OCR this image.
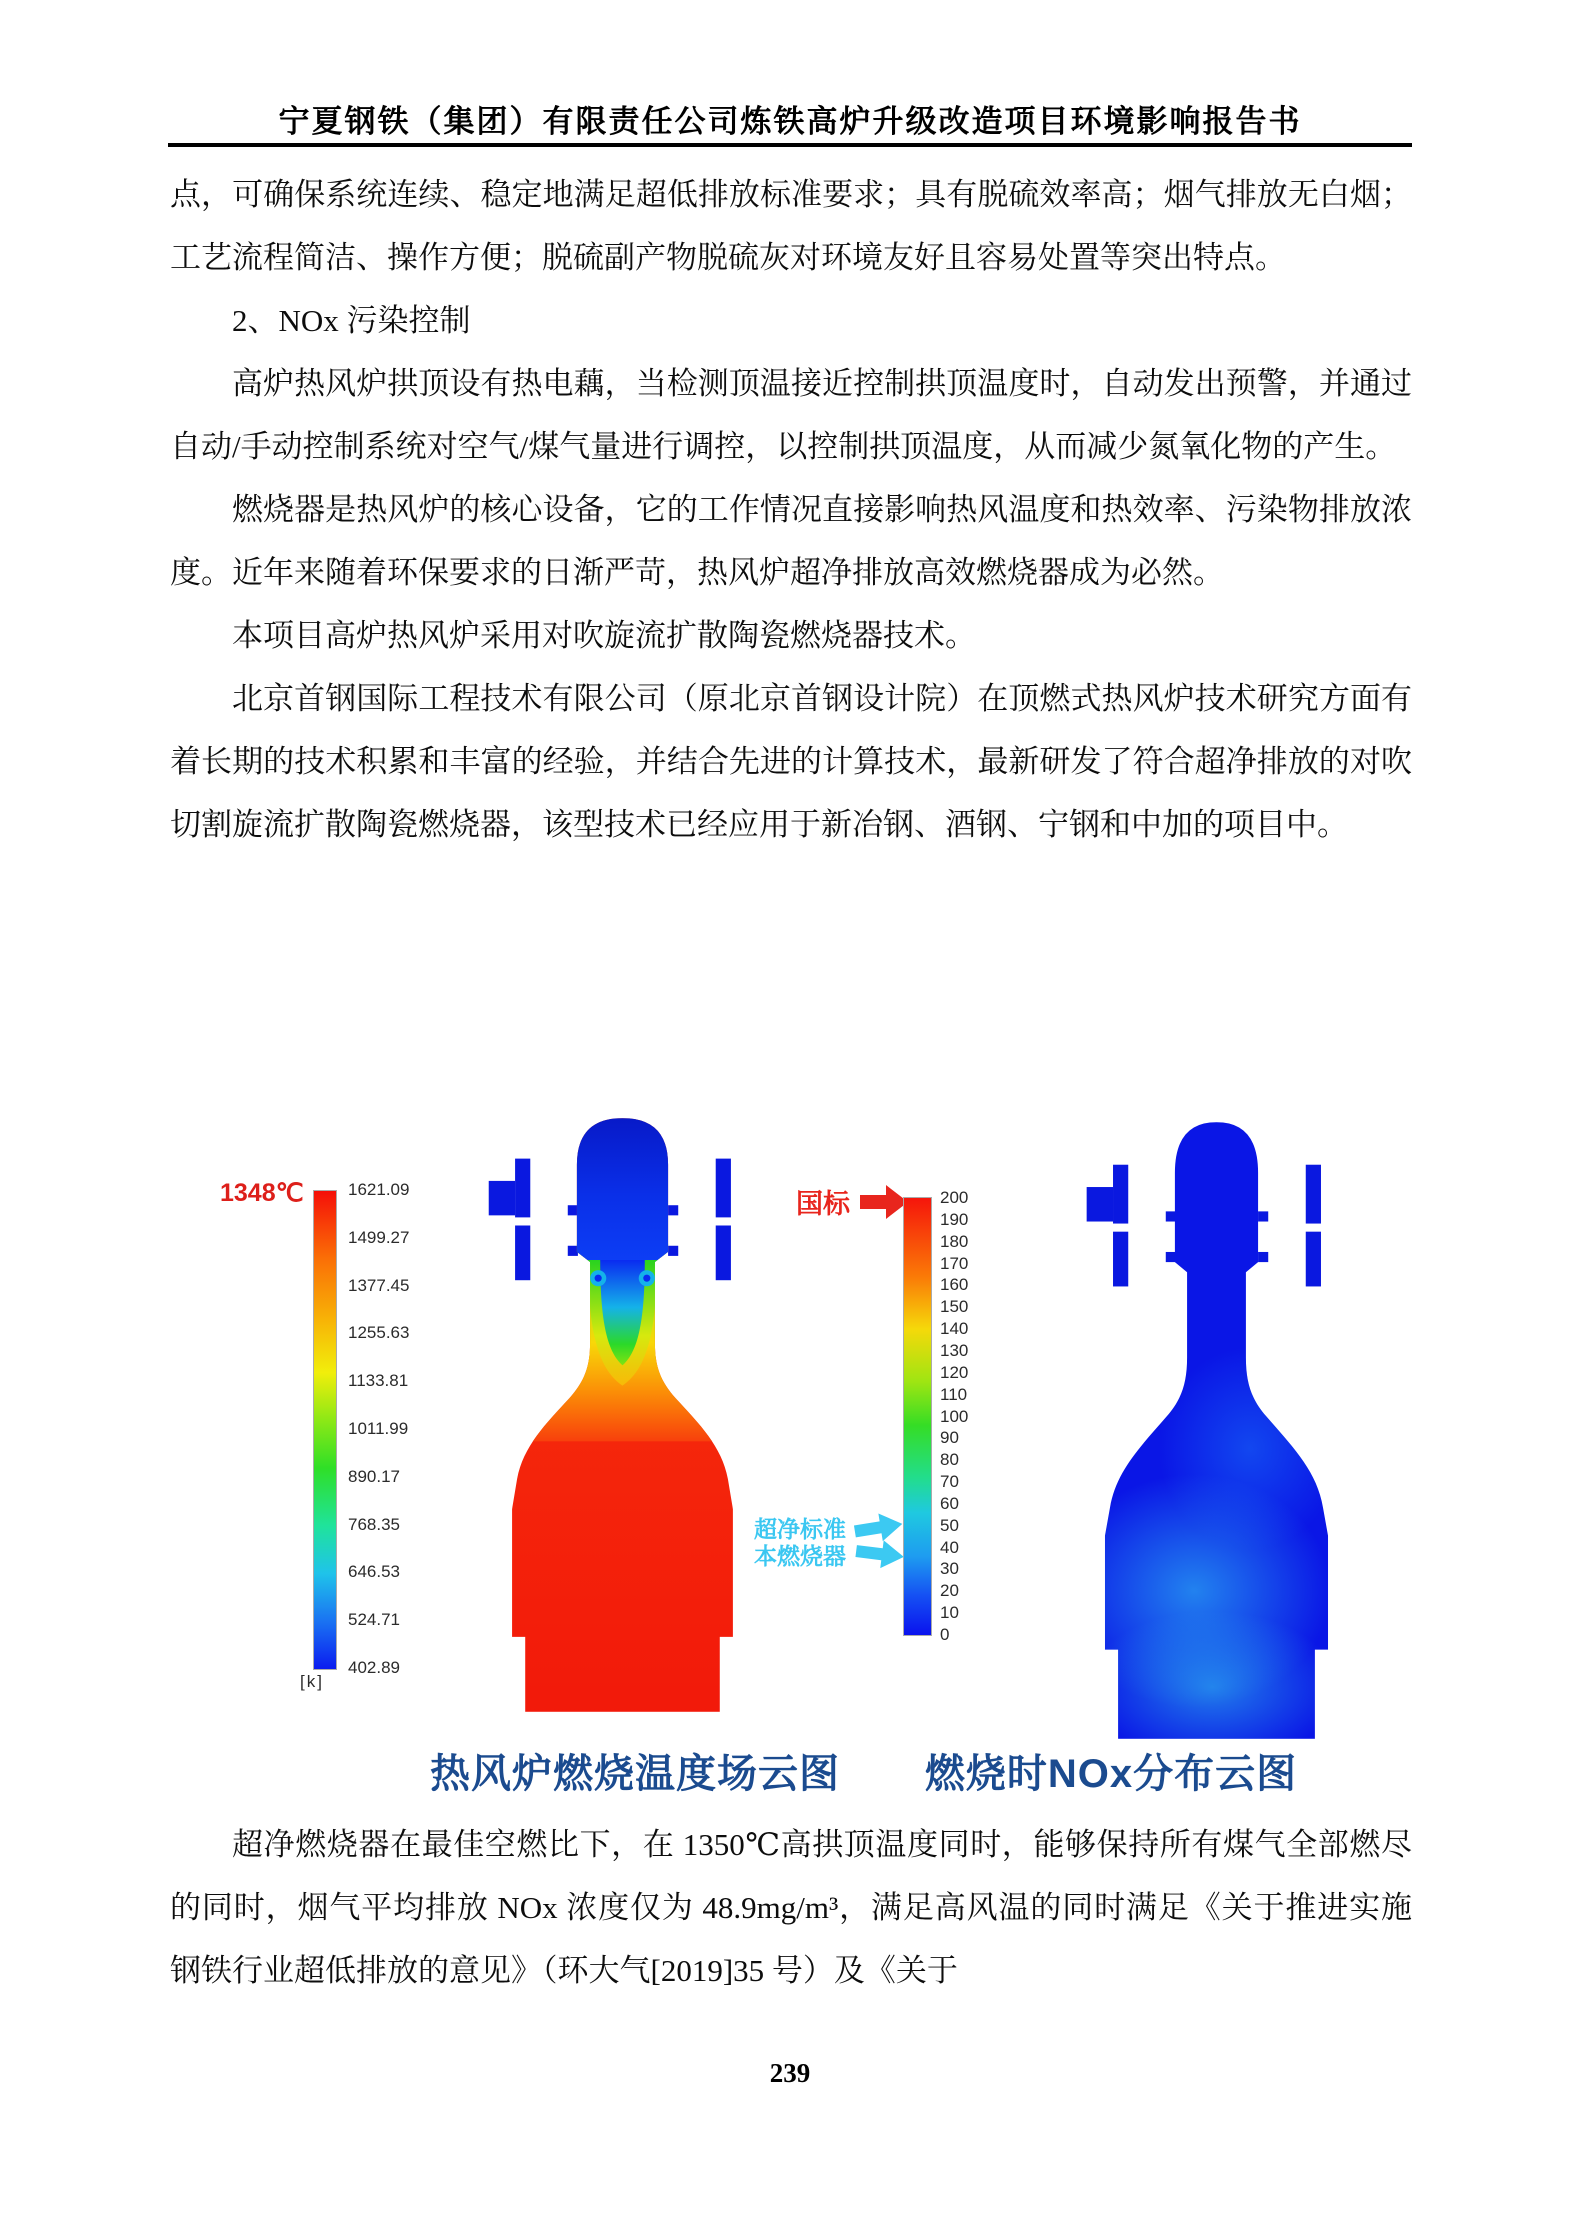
宁夏钢铁（集团）有限责任公司炼铁高炉升级改造项目环境影响报告书
点，可确保系统连续、稳定地满足超低排放标准要求；具有脱硫效率高；烟气排放无白烟；工艺流程简洁、操作方便；脱硫副产物脱硫灰对环境友好且容易处置等突出特点。
2、NOx 污染控制
高炉热风炉拱顶设有热电藕，当检测顶温接近控制拱顶温度时，自动发出预警，并通过自动/手动控制系统对空气/煤气量进行调控，以控制拱顶温度，从而减少氮氧化物的产生。
燃烧器是热风炉的核心设备，它的工作情况直接影响热风温度和热效率、污染物排放浓度。近年来随着环保要求的日渐严苛，热风炉超净排放高效燃烧器成为必然。
本项目高炉热风炉采用对吹旋流扩散陶瓷燃烧器技术。
北京首钢国际工程技术有限公司（原北京首钢设计院）在顶燃式热风炉技术研究方面有着长期的技术积累和丰富的经验，并结合先进的计算技术，最新研发了符合超净排放的对吹切割旋流扩散陶瓷燃烧器，该型技术已经应用于新冶钢、酒钢、宁钢和中加的项目中。
1348℃	1621.09
1499.27
1377.45
1255.63
1133.81
1011.99
890.17
768.35
646.53
524.71
402.89
[k]
国标	200
190
180
170
160
150
140
130
120
110
100
90
80
70
60
50
40
30
20
10
0
超净标准
本燃烧器
热风炉燃烧温度场云图	燃烧时NOx分布云图
超净燃烧器在最佳空燃比下，在 1350℃高拱顶温度同时，能够保持所有煤气全部燃尽的同时，烟气平均排放 NOx 浓度仅为 48.9mg/m³，满足高风温的同时满足《关于推进实施钢铁行业超低排放的意见》（环大气[2019]35 号）及《关于
239
